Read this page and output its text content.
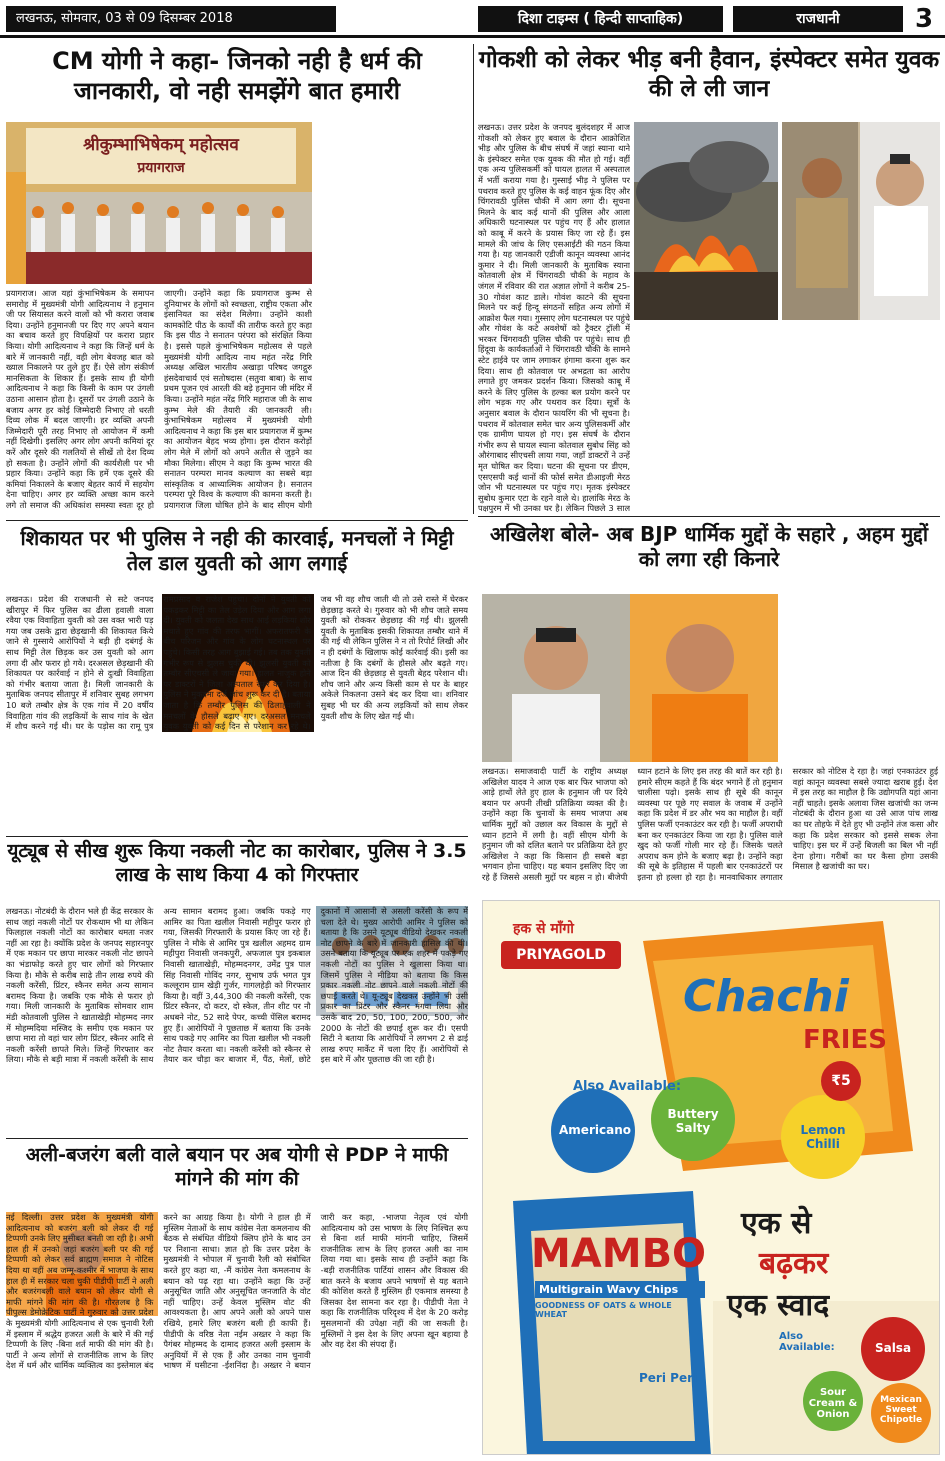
लखनऊ, सोमवार, 03 से 09 दिसम्बर 2018	दिशा टाइम्स ( हिन्दी साप्ताहिक)	राजधानी	3
CM योगी ने कहा- जिनको नही है धर्म की जानकारी, वो नही समझेंगे बात हमारी
श्रीकुम्भाभिषेकम् महोत्सव
प्रयागराज
प्रयागराज। आज यहां कुंभाभिषेकम के समापन समारोह में मुख्यमंत्री योगी आदित्यनाथ ने हनुमान जी पर सियासत करने वालों को भी करारा जवाब दिया। उन्होंने हनुमानजी पर दिए गए अपने बयान का बचाव करते हुए विपक्षियों पर करारा प्रहार किया। योगी आदित्यनाथ ने कहा कि जिन्हें धर्म के बारे में जानकारी नहीं, वही लोग बेवजह बात को ख्याल निकालने पर तुले हुए हैं। ऐसे लोग संकीर्ण मानसिकता के शिकार हैं। इसके साथ ही योगी आदित्यनाथ ने कहा कि किसी के काम पर उंगली उठाना आसान होता है। दूसरों पर उंगली उठाने के बजाय अगर हर कोई जिम्मेदारी निभाए तो धरती दिव्य लोक में बदल जाएगी। हर व्यक्ति अपनी जिम्मेदारी पूरी तरह निभाए तो आयोजन में कमी नहीं दिखेगी। इसलिए अगर लोग अपनी कमियां दूर करें और दूसरे की गलतियों से सीखें तो देश दिव्य हो सकता है। उन्होंने लोगों की कार्यशैली पर भी प्रहार किया। उन्होंने कहा कि हमें एक दूसरे की कमियां निकालने के बजाए बेहतर कार्य में सहयोग देना चाहिए। अगर हर व्यक्ति अच्छा काम करने लगे तो समाज की अधिकांश समस्या स्वतः दूर हो जाएगी। उन्होंने कहा कि प्रयागराज कुम्भ से दुनियाभर के लोगों को स्वच्छता, राष्ट्रीय एकता और इंसानियत का संदेश मिलेगा। उन्होंने काशी कामकोटि पीठ के कार्यों की तारीफ करते हुए कहा कि इस पीठ ने सनातन परंपरा को संरक्षित किया है। इससे पहले कुंभाभिषेकम महोत्सव से पहले मुख्यमंत्री योगी आदित्य नाथ महंत नरेंद्र गिरि अध्यक्ष अखिल भारतीय अखाड़ा परिषद जगद्गुरु हंसदेवाचार्य एवं सतोषदास (सतुवा बाबा) के साथ प्रथम पूजन एवं आरती की बड़े हनुमान जी मंदिर में किया। उन्होंने महंत नरेंद्र गिरि महाराज जी के साथ कुम्भ मेले की तैयारी की जानकारी ली। कुंभाभिषेकम महोत्सव में मुख्यमंत्री योगी आदित्यनाथ ने कहा कि इस बार प्रयागराज में कुम्भ का आयोजन बेहद भव्य होगा। इस दौरान करोड़ों लोग मेले में लोगों को अपने अतीत से जुड़ने का मौका मिलेगा। सीएम ने कहा कि कुम्भ भारत की सनातन परम्परा मानव कल्याण का सबसे बड़ा सांस्कृतिक व आध्यात्मिक आयोजन है। सनातन परम्परा पूरे विश्व के कल्याण की कामना करती है। प्रयागराज जिला घोषित होने के बाद सीएम योगी
गोकशी को लेकर भीड़ बनी हैवान, इंस्पेक्टर समेत युवक की ले ली जान
लखनऊ। उत्तर प्रदेश के जनपद बुलंदशहर में आज गोकशी को लेकर हुए बवाल के दौरान आक्रोशित भीड़ और पुलिस के बीच संघर्ष में जहां स्याना थाने के इंस्पेक्टर समेत एक युवक की मौत हो गई। वहीं एक अन्य पुलिसकर्मी को घायल हालत में अस्पताल में भर्ती कराया गया है। गुस्साई भीड़ ने पुलिस पर पथराव करते हुए पुलिस के कई वाहन फूंक दिए और चिंगरावठी पुलिस चौकी में आग लगा दी। सूचना मिलने के बाद कई थानों की पुलिस और आला अधिकारी घटनास्थल पर पहुंच गए हैं और हालात को काबू में करने के प्रयास किए जा रहे हैं। इस मामले की जांच के लिए एसआईटी की गठन किया गया है। यह जानकारी एडीजी कानून व्यवस्था आनंद कुमार ने दी। मिली जानकारी के मुताबिक स्याना कोतवाली क्षेत्र में चिंगरावठी चौकी के महाव के जंगल में रविवार की रात अज्ञात लोगों ने करीब 25-30 गोवंश काट डाले। गोवंश काटने की सूचना मिलने पर कई हिन्दू संगठनों सहित अन्य लोगों में आक्रोश फैल गया। गुस्साए लोग घटनास्थल पर पहुंचे और गोवंश के कटे अवशेषों को ट्रैक्टर ट्रॉली में भरकर चिंगरावठी पुलिस चौकी पर पहुंचे। साथ ही हिंदूवा के कार्यकर्ताओं ने चिंगरावठी चौकी के सामने स्टेट हाईवे पर जाम लगाकर हंगामा करना शुरू कर दिया। साथ ही कोतवाल पर अभद्रता का आरोप लगाते हुए जमकर प्रदर्शन किया। जिसको काबू में करने के लिए पुलिस के हल्का बल प्रयोग करने पर लोग भड़क गए और पथराव कर दिया। सूत्रों के अनुसार बवाल के दौरान फायरिंग की भी सूचना है। पथराव में कोतवाल समेत चार अन्य पुलिसकर्मी और एक ग्रामीण घायल हो गए। इस संघर्ष के दौरान गंभीर रूप से घायल स्याना कोतवाल सुबोध सिंह को औरंगाबाद सीएचसी लाया गया, जहाँ डाक्टरों ने उन्हें मृत घोषित कर दिया। घटना की सूचना पर डीएम, एसएसपी कई थानों की फोर्स समेत डीआइजी मेरठ जोन भी घटनास्थल पर पहुंच गए। मृतक इंस्पेक्टर सुबोध कुमार एटा के रहने वाले थे। हालांकि मेरठ के पक्षपुरम में भी उनका घर है। लेकिन पिछले 3 साल
शिकायत पर भी पुलिस ने नही की कारवाई, मनचलों ने मिट्टी तेल डाल युवती को आग लगाई
लखनऊ। प्रदेश की राजधानी से सटे जनपद खीरापुर में फिर पुलिस का ढीला हवाली वाला रवैया एक विवाहिता युवती को उस वक्त भारी पड़ गया जब उसके द्वारा छेड़खानी की शिकायत किये जाने से गुस्साये आरोपियों ने बड़ी ही दबंगई के साथ मिट्टी तेल छिड़क कर उस युवती को आग लगा दी और फरार हो गये। दरअसल छेड़खानी की शिकायत पर कार्रवाई न होने से दुःखी विवाहिता को गंभीर बताया जाता है। मिली जानकारी के मुताबिक जनपद सीतापुर में शनिवार सुबह लगभग 10 बजे तम्बौर क्षेत्र के एक गांव में 20 वर्षीय विवाहिता गांव की लड़कियों के साथ गांव के खेत में शौच करने गई थी। घर के पड़ोस का रामू पुत्र रामप्रसाद व राजेश पहुंचा। दोनों ने युवती को पकड़कर मिट्टी का तेल उड़ेल दिया और आग लगा दी। युवती को जलता देख साथ आई लड़कियां शोर मचाते हुए गांव की तरफ भागीं। अफरातफरी के बीच परिजन और गांव के लोग घटनास्थल पर पहुंचे। किसी तरह आग बुझाई गई। तब तक युवती गंभीर रूप से झुलस चुकी थी। झुलसी युवती को तम्बौर सीएचसी ले जाया गया। हालत नाजुक होने पर डाक्टरों ने जिला अस्पताल रेफर कर दिया है। पुलिस ने मुकदमा दर्ज जांच शुरू कर दी है। बताया जाता है कि तम्बौर पुलिस की ढिलाहवाली ने मनचलों के हौसले बढ़ाए गए। दरअसल मनचले युवक युवती को कई दिन से परेशान कर रहे थे। जब भी वह शौच जाती थी तो उसे रास्ते में घेरकर छेड़छाड़ करते थे। गुरुवार को भी शौच जाते समय युवती को रोककर छेड़छाड़ की गई थी। झुलसी युवती के मुताबिक इसकी शिकायत तम्बौर थाने में की गई थी लेकिन पुलिस ने न तो रिपोर्ट लिखी और न ही दबंगों के खिलाफ कोई कार्रवाई की। इसी का नतीजा है कि दबंगों के हौसले और बढ़ते गए। आज दिन की छेड़छाड़ से युवती बेहद परेशान थी। शौच जाने और अन्य किसी काम से घर के बाहर अकेले निकलना उसने बंद कर दिया था। शनिवार सुबह भी घर की अन्य लड़कियों को साथ लेकर युवती शौच के लिए खेत गई थी।
अखिलेश बोले- अब BJP धार्मिक मुद्दों के सहारे , अहम मुद्दों को लगा रही किनारे
लखनऊ। समाजवादी पार्टी के राष्ट्रीय अध्यक्ष अखिलेश यादव ने आज एक बार फिर भाजपा को आड़े हाथों लेते हुए हाल के हनुमान जी पर दिये बयान पर अपनी तीखी प्रतिक्रिया व्यक्त की है। उन्होंने कहा कि चुनावों के समय भाजपा अब धार्मिक मुद्दों को उछाल कर विकास के मुद्दों से ध्यान हटाने में लगी है। वहीं सीएम योगी के हनुमान जी को दलित बताने पर प्रतिक्रिया देते हुए अखिलेश ने कहा कि किसान ही सबसे बड़ा भगवान होना चाहिए। यह बयान इसलिए दिए जा रहे हैं जिससे असली मुद्दों पर बहस न हो। बीजेपी ध्यान हटाने के लिए इस तरह की बातें कर रही है। हमारे सीएम कहते हैं कि बंदर भगाने हैं तो हनुमान चालीसा पढ़ो। इसके साथ ही सूबे की कानून व्यवस्था पर पूछे गए सवाल के जवाब में उन्होंने कहा कि प्रदेश में डर और भय का माहौल है। वहीं पुलिस फर्जी एनकाउंटर कर रही है। फर्जी अपराधी बना कर एनकाउंटर किया जा रहा है। पुलिस वाले खुद को फर्जी गोली मार रहे हैं। जिसके चलते अपराध कम होने के बजाए बढ़ा है। उन्होंने कहा की सूबे के इतिहास में पहली बार एनकाउंटरों पर इतना हो हल्ला हो रहा है। मानवाधिकार लगातार सरकार को नोटिस दे रहा है। जहां एनकाउंटर हुई वहां कानून व्यवस्था सबसे ज्यादा खराब हुई। देश में इस तरह का माहौल है कि उद्योगपति यहां आना नहीं चाहते। इसके अलावा जिस खजांची का जन्म नोटबंदी के दौरान हुआ था उसे आज पांच लाख का घर तोहफे में देते हुए भी उन्होंने तंज कसा और कहा कि प्रदेश सरकार को इससे सबक लेना चाहिए। इस घर में उन्हें बिजली का बिल भी नहीं देना होगा। गरीबों का घर कैसा होगा उसकी मिसाल है खजांची का घर।
यूट्यूब से सीख शुरू किया नकली नोट का कारोबार, पुलिस ने 3.5 लाख के साथ किया 4 को गिरफ्तार
लखनऊ। नोटबंदी के दौरान भले ही केंद्र सरकार के साथ जहां नकली नोटों पर रोकथाम भी था लेकिन फिलहाल नकली नोटों का कारोबार थमता नजर नहीं आ रहा है। क्योंकि प्रदेश के जनपद सहारनपुर में एक मकान पर छापा मारकर नकली नोट छापने का भंडाफोड़ करते हुए चार लोगों को गिरफ्तार किया है। मौके से करीब साढ़े तीन लाख रुपये की नकली करेंसी, प्रिंटर, स्कैनर समेत अन्य सामान बरामद किया है। जबकि एक मौके से फरार हो गया। मिली जानकारी के मुताबिक सोमवार शाम मंडी कोतवाली पुलिस ने खाताखेड़ी मोहम्मद नगर में मोहम्मदिया मस्जिद के समीप एक मकान पर छापा मारा तो वहां चार लोग प्रिंटर, स्कैनर आदि से नकली करेंसी छापते मिले। जिन्हें गिरफ्तार कर लिया। मौके से बड़ी मात्रा में नकली करेंसी के साथ अन्य सामान बरामद हुआ। जबकि पकड़े गए आमिर का पिता खलील निवासी महीपुर फरार हो गया, जिसकी गिरफ्तारी के प्रयास किए जा रहे हैं। पुलिस ने मौके से आमिर पुत्र खलील अहमद ग्राम महीपुरा निवासी जनकपुरी, अफजाल पुत्र इकबाल निवासी खाताखेड़ी, मोहम्मदनगर, उमेंद्र पुत्र पाल सिंह निवासी गोविंद नगर, सुभाष उर्फ भगत पुत्र कल्लूराम ग्राम खेड़ी गुर्जर, गागलहेड़ी को गिरफ्तार किया है। वहीं 3,44,300 की नकली करेंसी, एक प्रिंटर स्कैनर, दो कटर, दो स्केल, तीन शीट पर नौ अधबने नोट, 52 सादे पेपर, कच्ची पेंसिल बरामद हुए हैं। आरोपियों ने पूछताछ में बताया कि उनके साथ पकड़े गए आमिर का पिता खलील भी नकली नोट तैयार करता था। नकली करेंसी को स्कैनर से तैयार कर चौड़ा कर बाजार में, पैंठ, मेलों, छोटे दुकानों में आसानी से असली करेंसी के रूप में चला देते थे। मुख्य आरोपी आमिर ने पुलिस को बताया है कि उसने यूट्यूब वीडियो देखकर नकली नोट छापने के बारे में जानकारी हासिल की थी। उसने बताया कि यूट्यूब पर एक शहर में पकड़े गए नकली नोटों का पुलिस ने खुलासा किया था। जिसमें पुलिस ने मीडिया को बताया कि किस प्रकार नकली नोट छापने वाले नकली नोटों की छपाई करते थे। यू-ट्यूब देखकर उन्होंने भी उसी प्रकार का प्रिंटर और स्कैनर मंगवा लिया और उसके बाद 20, 50, 100, 200, 500, और 2000 के नोटों की छपाई शुरू कर दी। एसपी सिटी ने बताया कि आरोपियों ने लगभग 2 से ढाई लाख रुपए मार्केट में चला दिए हैं। आरोपियों से इस बारे में और पूछताछ की जा रही है।
अली-बजरंग बली वाले बयान पर अब योगी से PDP ने माफी मांगने की मांग की
नई दिल्ली। उत्तर प्रदेश के मुख्यमंत्री योगी आदित्यनाथ को बजरंग बली को लेकर दी गई टिप्पणी उनके लिए मुसीबत बनती जा रही है। अभी हाल ही में उनको जहां बजरंग बली पर की गई टिप्पणी को लेकर सर्व ब्राह्मण समाज ने नोटिस दिया था वहीं अब जम्मू-कश्मीर में भाजपा के साथ हाल ही में सरकार चला चुकी पीडीपी पार्टी ने अली और बजरंगबली वाले बयान को लेकर योगी से माफी मांगने की मांग की है। गौरतलब है कि पीपुल्स डेमोक्रेटिक पार्टी ने गुरुवार को उत्तर प्रदेश के मुख्यमंत्री योगी आदित्यनाथ से एक चुनावी रैली में इस्लाम में श्रद्धेय हजरत अली के बारे में की गई टिप्पणी के लिए -बिना शर्त माफी की मांग की है। पार्टी ने अन्य लोगों से राजनीतिक लाभ के लिए देश में धर्म और धार्मिक व्यक्तित्व का इस्तेमाल बंद करने का आग्रह किया है। योगी ने हाल ही में मुस्लिम नेताओं के साथ कांग्रेस नेता कमलनाथ की बैठक से संबंधित वीडियो क्लिप होने के बाद उन पर निशाना साधा। ज्ञात हो कि उत्तर प्रदेश के मुख्यमंत्री ने भोपाल में चुनावी रैली को संबोधित करते हुए कहा था, -मैं कांग्रेस नेता कमलनाथ के बयान को पढ़ रहा था। उन्होंने कहा कि उन्हें अनुसूचित जाति और अनुसूचित जनजाति के वोट नहीं चाहिए। उन्हें केवल मुस्लिम वोट की आवश्यकता है। आप अपने अली को अपने पास रखिये, हमारे लिए बजरंग बली ही काफी हैं। पीडीपी के वरिष्ठ नेता नईम अख्तर ने कहा कि पैगंबर मोहम्मद के दामाद हजरत अली इस्लाम के अनुयियों में से एक हैं और उनका नाम चुनावी भाषण में घसीटना -ईशनिंदा है। अख्तर ने बयान जारी कर कहा, -भाजपा नेतृत्व एवं योगी आदित्यनाथ को उस भाषण के लिए निश्चित रूप से बिना शर्त माफी मांगनी चाहिए, जिसमें राजनीतिक लाभ के लिए हजरत अली का नाम लिया गया था। इसके साथ ही उन्होंने कहा कि -बड़ी राजनीतिक पार्टियां शासन और विकास की बात करने के बजाय अपने भाषणों से यह बताने की कोशिश करते हैं मुस्लिम ही एकमात्र समस्या है जिसका देश सामना कर रहा है। पीडीपी नेता ने कहा कि राजनीतिक परिदृश्य में देश के 20 करोड़ मुसलमानों की उपेक्षा नहीं की जा सकती है। मुस्लिमों ने इस देश के लिए अपना खून बहाया है और वह देश की संपदा हैं।
हक से माँगो
PRIYAGOLD
Chachi
FRIES
₹5
Also Available:
Americano
Buttery Salty	Lemon Chilli
MAMBO
Multigrain Wavy Chips
GOODNESS OF OATS & WHOLE WHEAT
Peri Peri
एक से
बढ़कर
एक स्वाद
Also Available:	Salsa
Sour Cream & Onion
Mexican Sweet Chipotle
